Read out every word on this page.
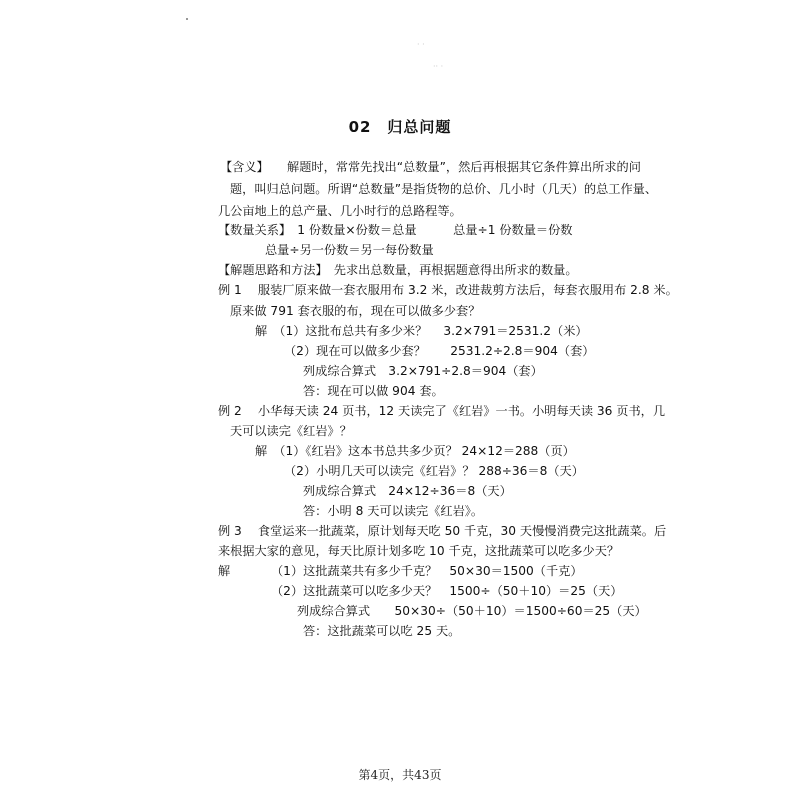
· ·
·· ·
02　归总问题
【含义】　　解题时，常常先找出“总数量”，然后再根据其它条件算出所求的问
题，叫归总问题。所谓“总数量”是指货物的总价、几小时（几天）的总工作量、
几公亩地上的总产量、几小时行的总路程等。
【数量关系】　1 份数量×份数＝总量　　　总量÷1 份数量＝份数
总量÷另一份数＝另一每份数量
【解题思路和方法】　先求出总数量，再根据题意得出所求的数量。
例 1　 服装厂原来做一套衣服用布 3.2 米，改进裁剪方法后，每套衣服用布 2.8 米。
原来做 791 套衣服的布，现在可以做多少套？
解　（1）这批布总共有多少米？　 3.2×791＝2531.2（米）
（2）现在可以做多少套？　　2531.2÷2.8＝904（套）
列成综合算式　3.2×791÷2.8＝904（套）
答：现在可以做 904 套。
例 2　 小华每天读 24 页书，12 天读完了《红岩》一书。小明每天读 36 页书，几
天可以读完《红岩》？
解　（1）《红岩》这本书总共多少页？ 24×12＝288（页）
（2）小明几天可以读完《红岩》？ 288÷36＝8（天）
列成综合算式　24×12÷36＝8（天）
答：小明 8 天可以读完《红岩》。
例 3　 食堂运来一批蔬菜，原计划每天吃 50 千克，30 天慢慢消费完这批蔬菜。后
来根据大家的意见，每天比原计划多吃 10 千克，这批蔬菜可以吃多少天？
解	（1）这批蔬菜共有多少千克？　50×30＝1500（千克）
（2）这批蔬菜可以吃多少天？　1500÷（50＋10）＝25（天）
列成综合算式　　50×30÷（50＋10）＝1500÷60＝25（天）
答：这批蔬菜可以吃 25 天。
第4页，共43页
